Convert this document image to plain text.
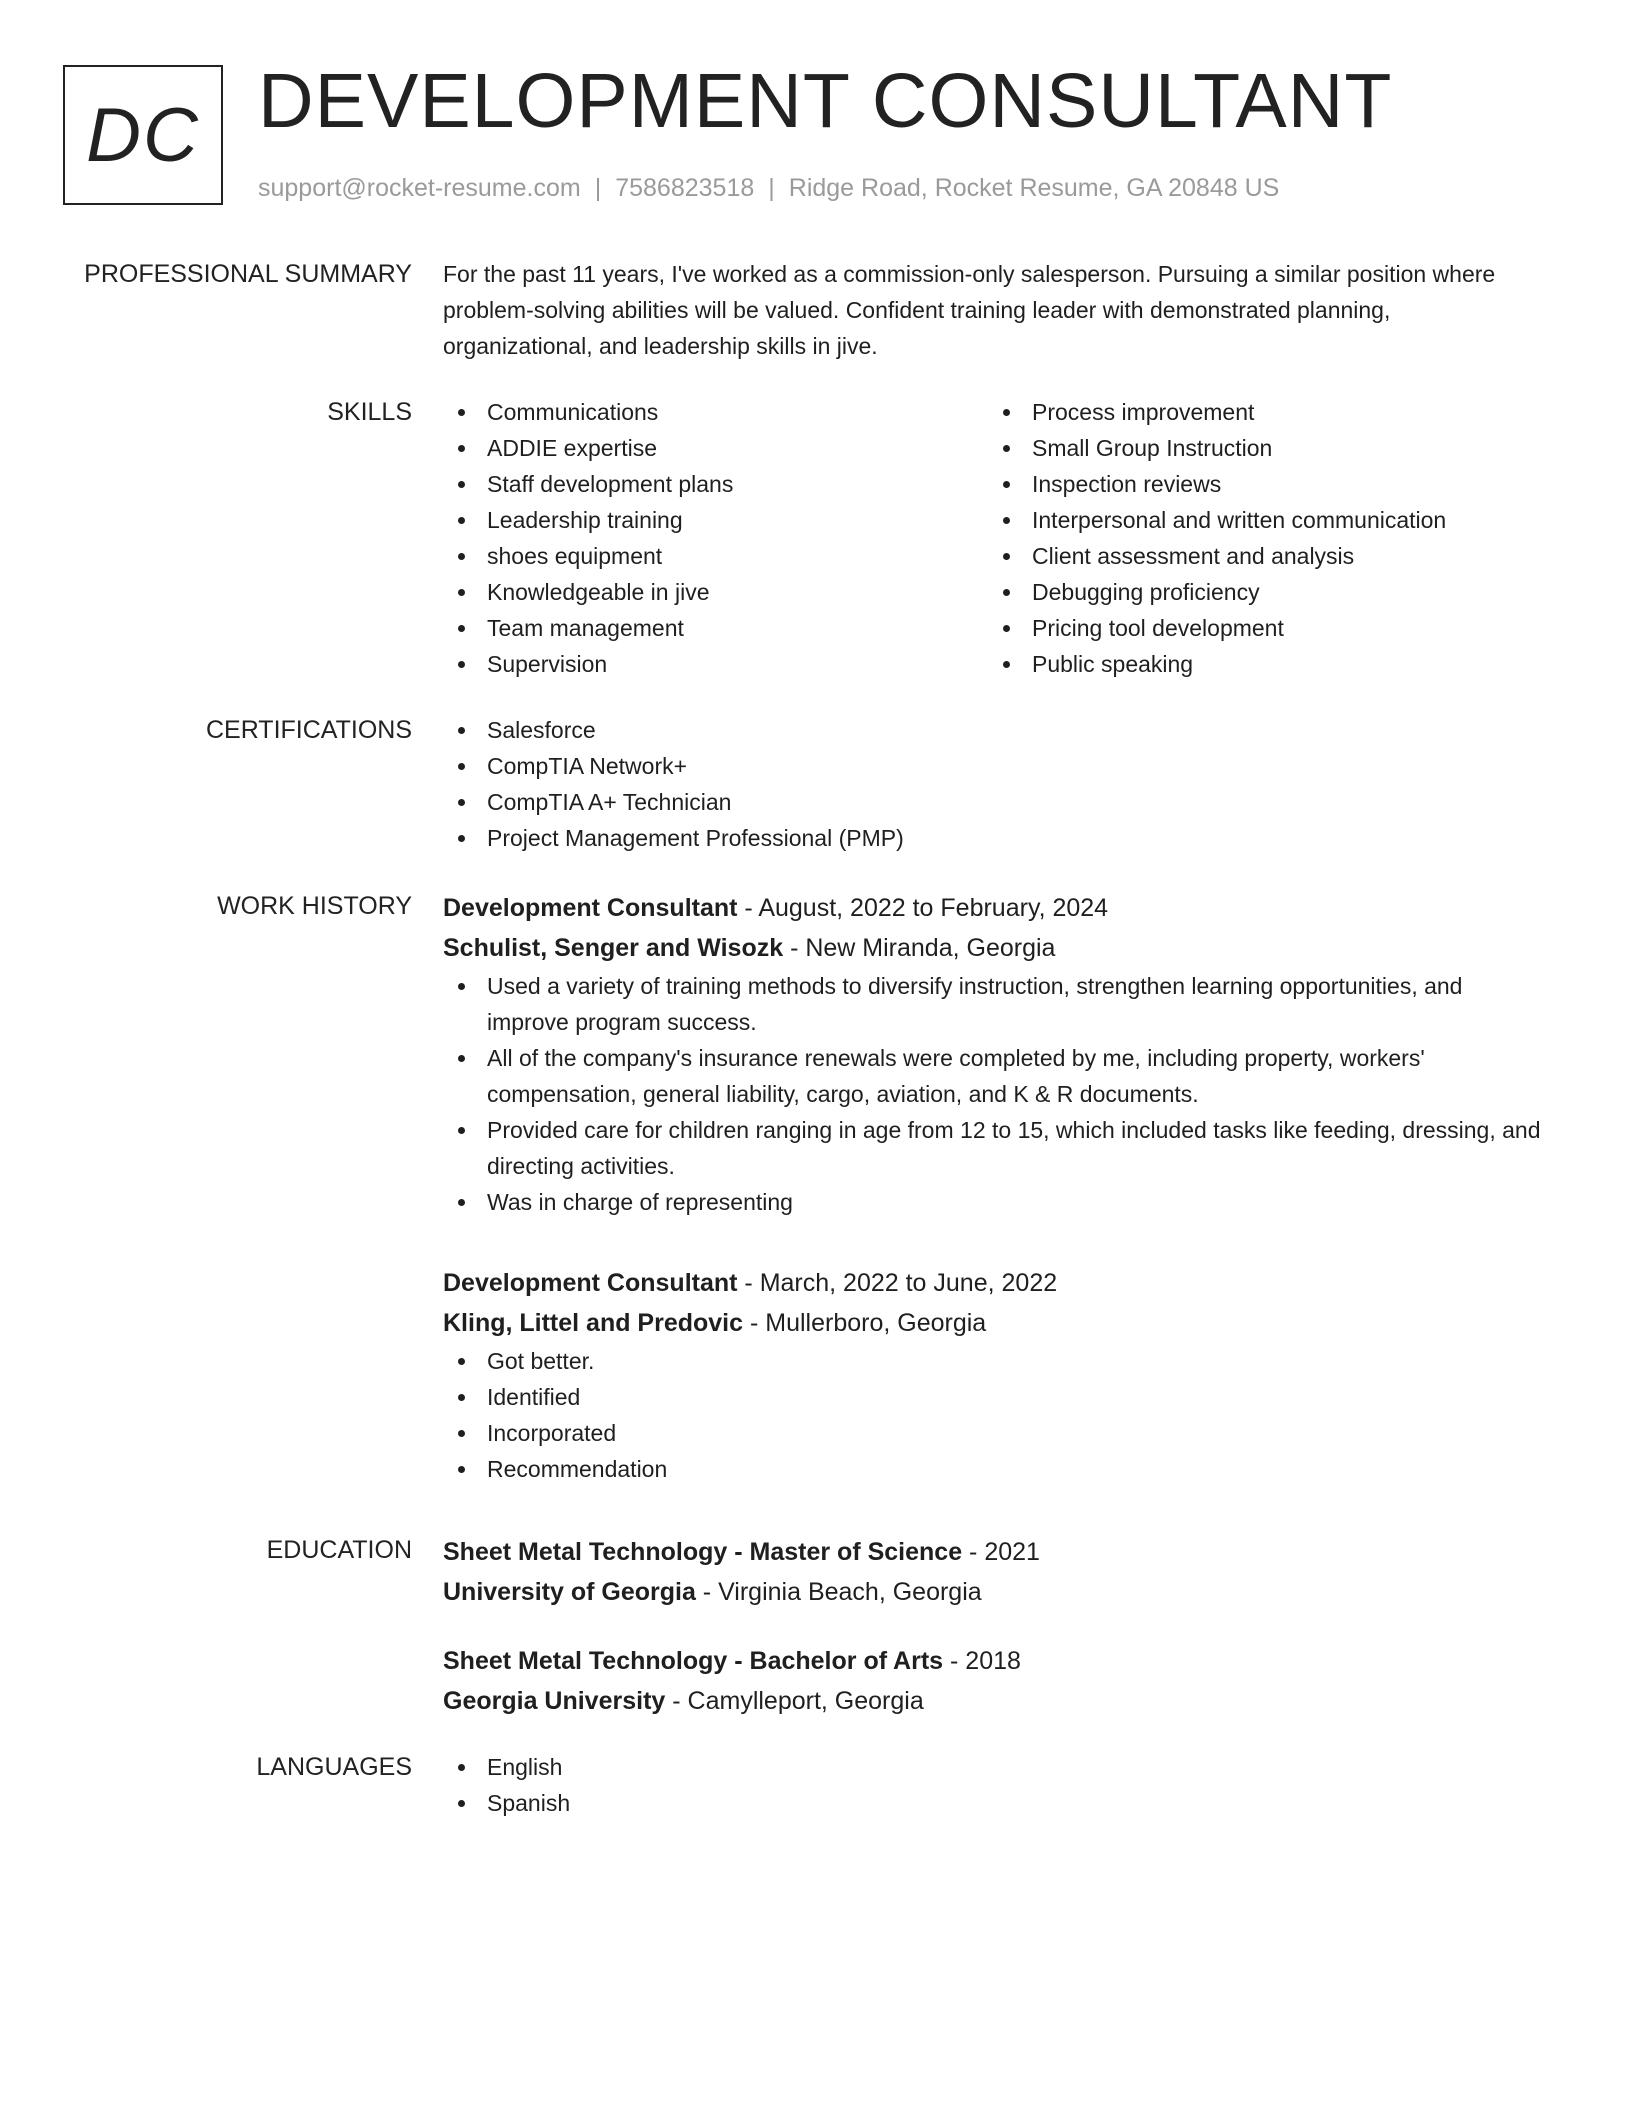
DC DEVELOPMENT CONSULTANT
support@rocket-resume.com | 7586823518 | Ridge Road, Rocket Resume, GA 20848 US
PROFESSIONAL SUMMARY For the past 11 years, I've worked as a commission-only salesperson. Pursuing a similar position where problem-solving abilities will be valued. Confident training leader with demonstrated planning, organizational, and leadership skills in jive.

SKILLS	Communications
ADDIE expertise
Staff development plans
Leadership training
shoes equipment
Knowledgeable in jive
Team management
Supervision
Process improvement
Small Group Instruction
Inspection reviews
Interpersonal and written communication
Client assessment and analysis
Debugging proficiency
Pricing tool development
Public speaking
CERTIFICATIONS	Salesforce
CompTIA Network+
CompTIA A+ Technician
Project Management Professional (PMP)
WORK HISTORY Development Consultant - August, 2022 to February, 2024
Schulist, Senger and Wisozk - New Miranda, Georgia
Used a variety of training methods to diversify instruction, strengthen learning opportunities, and improve program success.
All of the company's insurance renewals were completed by me, including property, workers' compensation, general liability, cargo, aviation, and K & R documents.
Provided care for children ranging in age from 12 to 15, which included tasks like feeding, dressing, and directing activities.
Was in charge of representing
Development Consultant - March, 2022 to June, 2022
Kling, Littel and Predovic - Mullerboro, Georgia
Got better.
Identified
Incorporated
Recommendation
EDUCATION Sheet Metal Technology - Master of Science - 2021
University of Georgia - Virginia Beach, Georgia
Sheet Metal Technology - Bachelor of Arts - 2018
Georgia University - Camylleport, Georgia
LANGUAGES	English
Spanish
